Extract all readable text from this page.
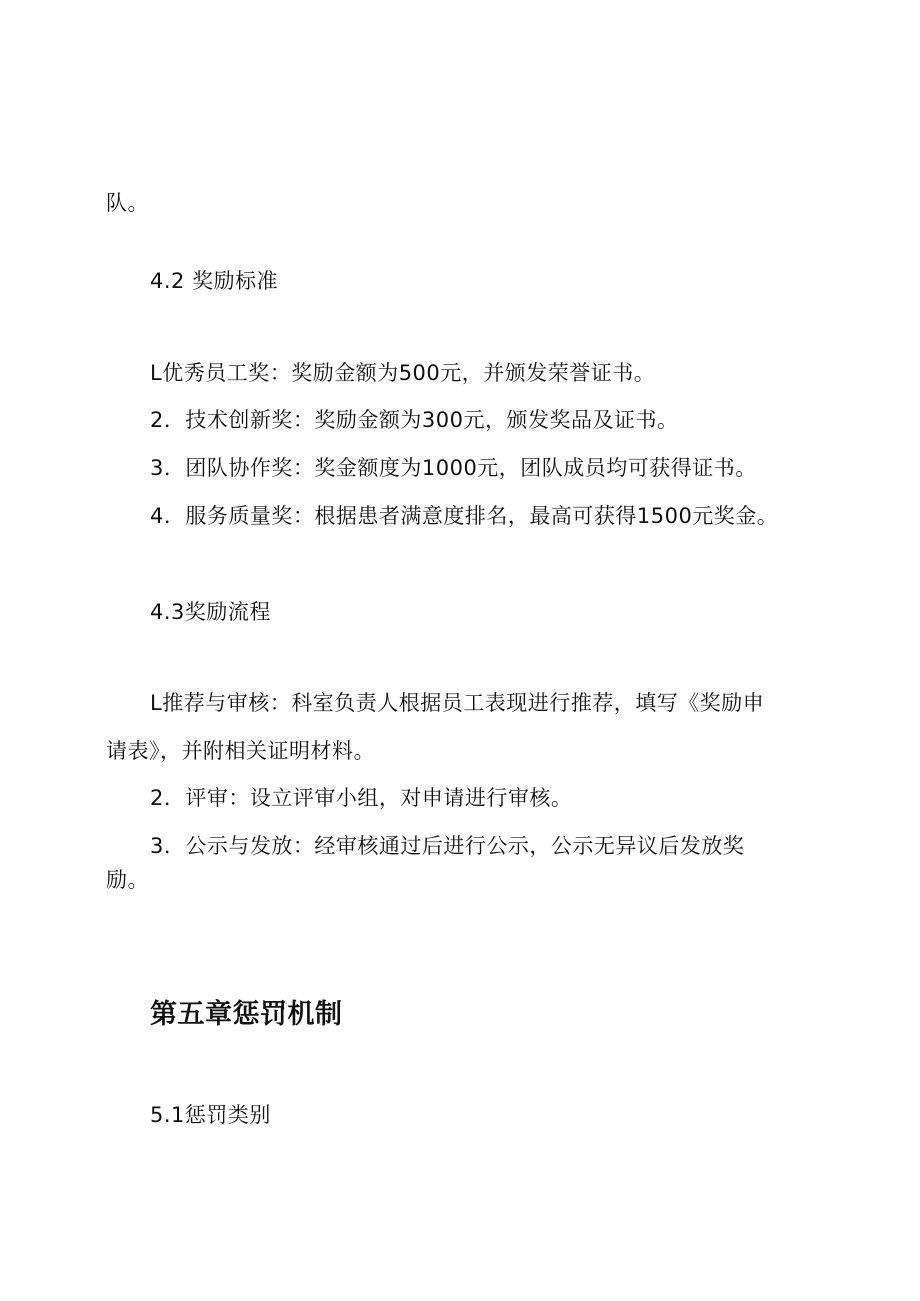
队。
4.2 奖励标准
L优秀员工奖：奖励金额为500元，并颁发荣誉证书。
2．技术创新奖：奖励金额为300元，颁发奖品及证书。
3．团队协作奖：奖金额度为1000元，团队成员均可获得证书。
4．服务质量奖：根据患者满意度排名，最高可获得1500元奖金。
4.3奖励流程
L推荐与审核：科室负责人根据员工表现进行推荐，填写《奖励申
请表》，并附相关证明材料。
2．评审：设立评审小组，对申请进行审核。
3．公示与发放：经审核通过后进行公示，公示无异议后发放奖
励。
第五章惩罚机制
5.1惩罚类别
